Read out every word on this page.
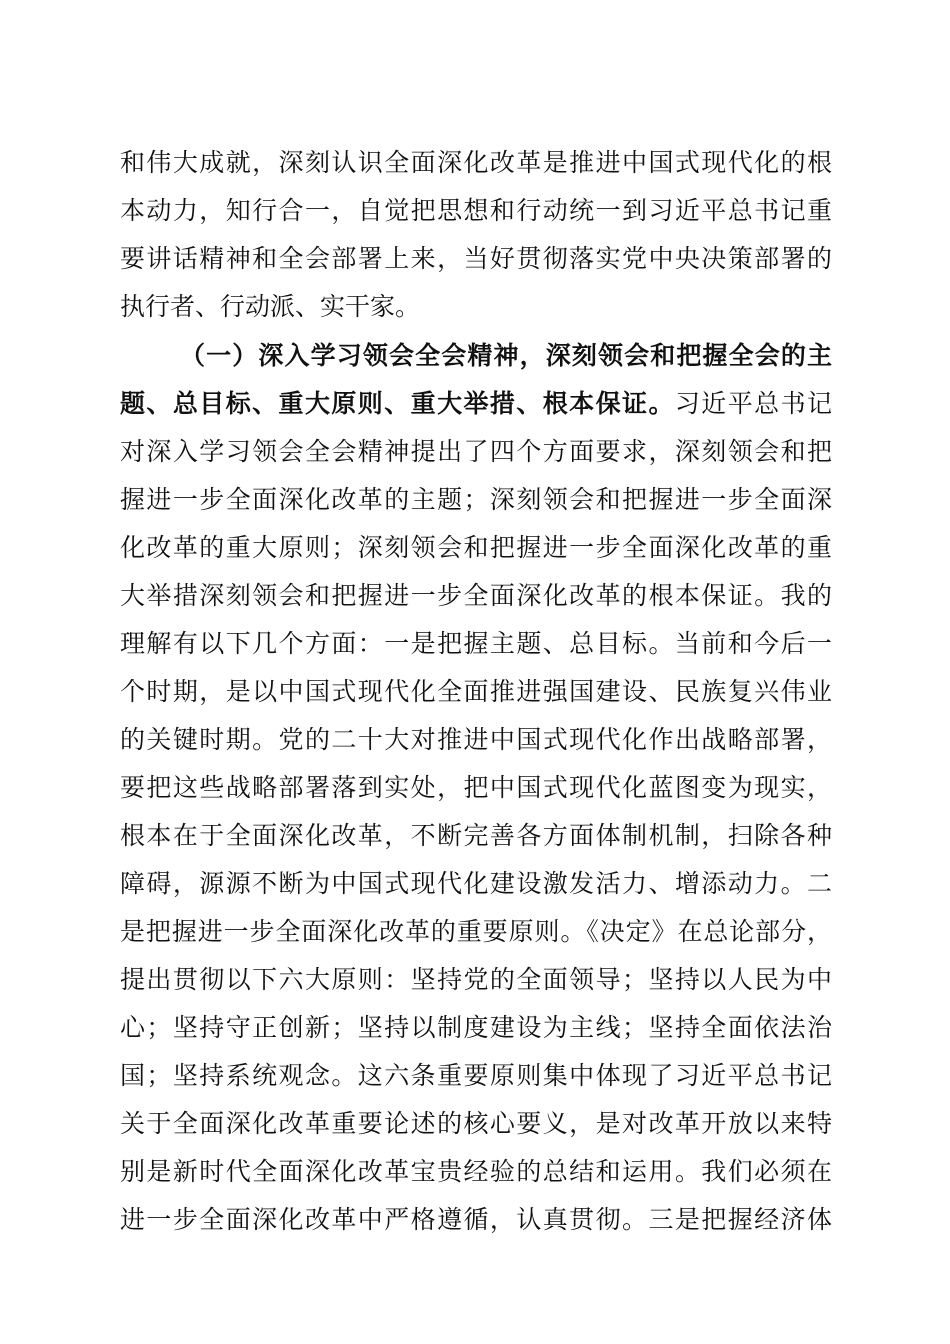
和伟大成就，深刻认识全面深化改革是推进中国式现代化的根
本动力，知行合一，自觉把思想和行动统一到习近平总书记重
要讲话精神和全会部署上来，当好贯彻落实党中央决策部署的
执行者、行动派、实干家。
（一）深入学习领会全会精神，深刻领会和把握全会的主
题、总目标、重大原则、重大举措、根本保证。习近平总书记
对深入学习领会全会精神提出了四个方面要求，深刻领会和把
握进一步全面深化改革的主题；深刻领会和把握进一步全面深
化改革的重大原则；深刻领会和把握进一步全面深化改革的重
大举措深刻领会和把握进一步全面深化改革的根本保证。我的
理解有以下几个方面：一是把握主题、总目标。当前和今后一
个时期，是以中国式现代化全面推进强国建设、民族复兴伟业
的关键时期。党的二十大对推进中国式现代化作出战略部署，
要把这些战略部署落到实处，把中国式现代化蓝图变为现实，
根本在于全面深化改革，不断完善各方面体制机制，扫除各种
障碍，源源不断为中国式现代化建设激发活力、增添动力。二
是把握进一步全面深化改革的重要原则。《决定》在总论部分，
提出贯彻以下六大原则：坚持党的全面领导；坚持以人民为中
心；坚持守正创新；坚持以制度建设为主线；坚持全面依法治
国；坚持系统观念。这六条重要原则集中体现了习近平总书记
关于全面深化改革重要论述的核心要义，是对改革开放以来特
别是新时代全面深化改革宝贵经验的总结和运用。我们必须在
进一步全面深化改革中严格遵循，认真贯彻。三是把握经济体
